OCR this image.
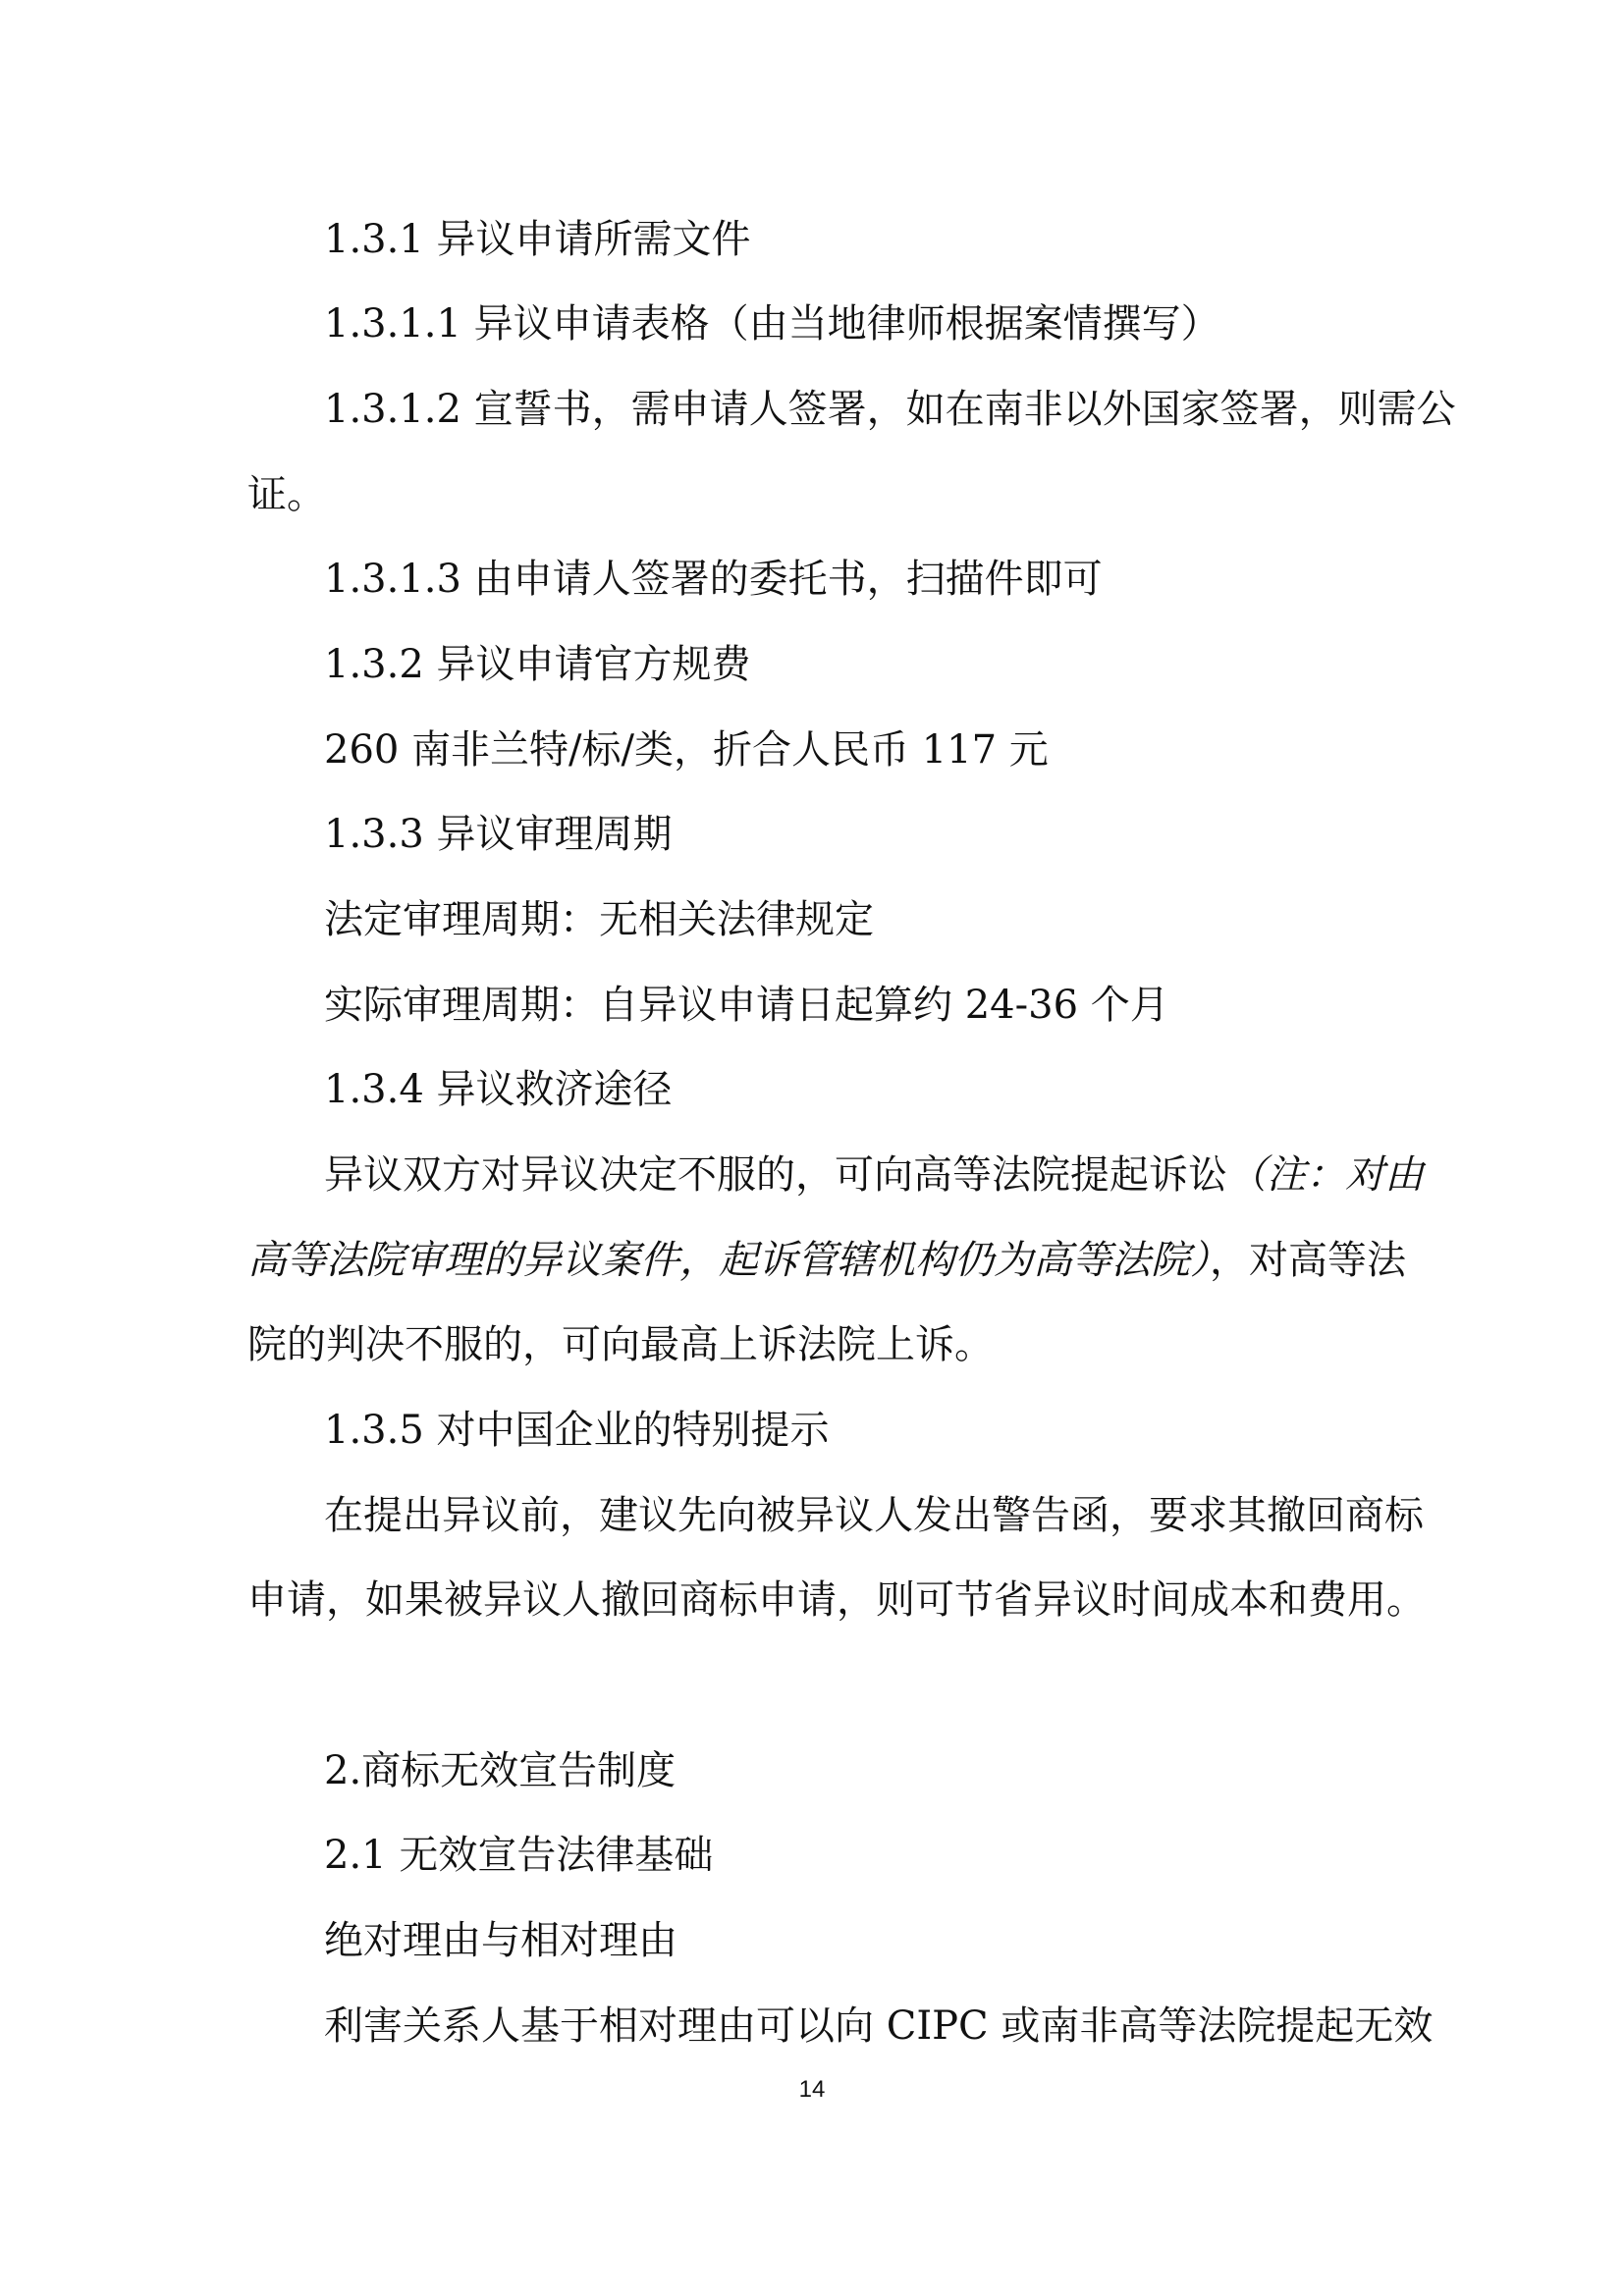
1.3.1 异议申请所需文件
1.3.1.1 异议申请表格（由当地律师根据案情撰写）
1.3.1.2 宣誓书，需申请人签署，如在南非以外国家签署，则需公
证。
1.3.1.3 由申请人签署的委托书，扫描件即可
1.3.2 异议申请官方规费
260 南非兰特/标/类，折合人民币 117 元
1.3.3 异议审理周期
法定审理周期：无相关法律规定
实际审理周期：自异议申请日起算约 24-36 个月
1.3.4 异议救济途径
异议双方对异议决定不服的，可向高等法院提起诉讼（注：对由
高等法院审理的异议案件，起诉管辖机构仍为高等法院），对高等法
院的判决不服的，可向最高上诉法院上诉。
1.3.5 对中国企业的特别提示
在提出异议前，建议先向被异议人发出警告函，要求其撤回商标
申请，如果被异议人撤回商标申请，则可节省异议时间成本和费用。
2.商标无效宣告制度
2.1 无效宣告法律基础
绝对理由与相对理由
利害关系人基于相对理由可以向 CIPC 或南非高等法院提起无效
14
